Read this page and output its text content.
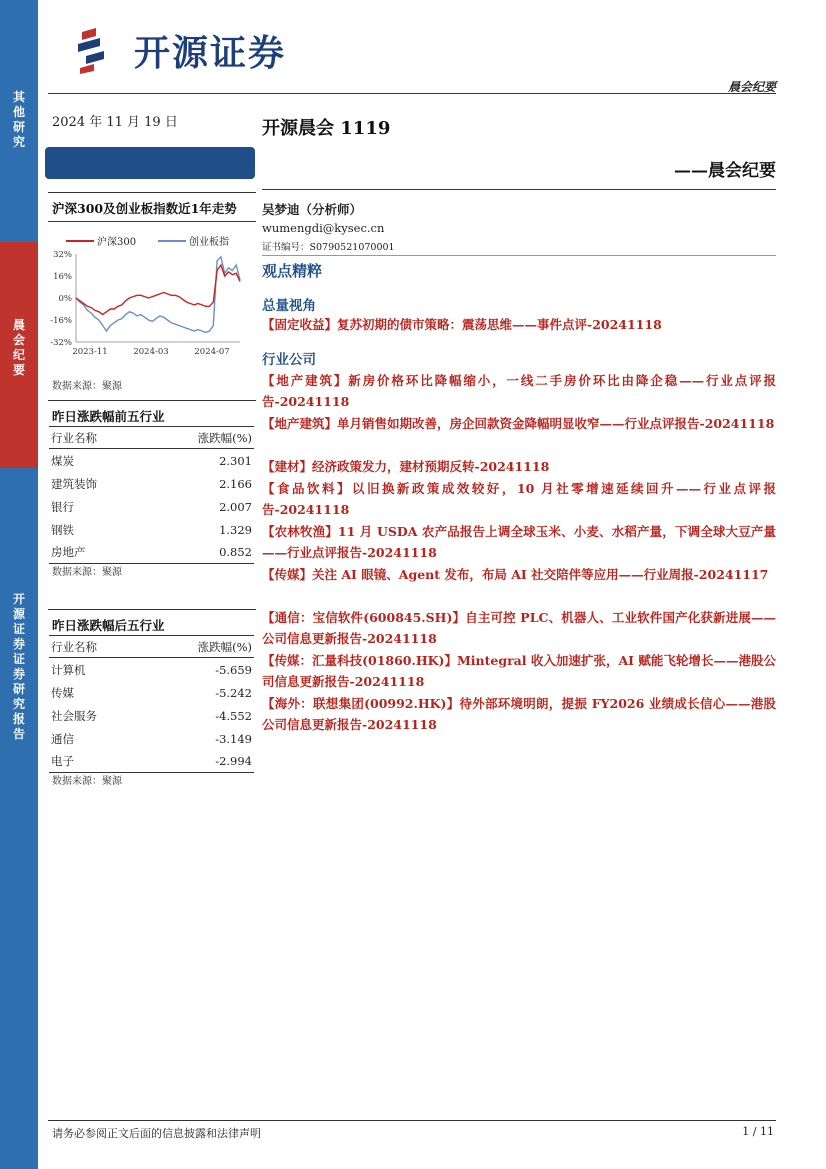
其他研究
晨会纪要
开源证券 证券研究报告
开源证券
晨会纪要
2024 年 11 月 19 日
沪深300及创业板指数近1年走势
沪深300	创业板指
32%
16%
0%
-16%
-32%
2023-11	2024-03	2024-07
数据来源：聚源
昨日涨跌幅前五行业
行业名称	涨跌幅(%)
煤炭	2.301
建筑装饰	2.166
银行	2.007
钢铁	1.329
房地产	0.852
数据来源：聚源
昨日涨跌幅后五行业
行业名称	涨跌幅(%)
计算机	-5.659
传媒	-5.242
社会服务	-4.552
通信	-3.149
电子	-2.994
数据来源：聚源
开源晨会 1119
——晨会纪要
吴梦迪（分析师）
wumengdi@kysec.cn
证书编号：S0790521070001
观点精粹
总量视角
【固定收益】复苏初期的债市策略：震荡思维——事件点评-20241118
行业公司
【地产建筑】新房价格环比降幅缩小，一线二手房价环比由降企稳——行业点评报告-20241118
【地产建筑】单月销售如期改善，房企回款资金降幅明显收窄——行业点评报告-20241118
【建材】经济政策发力，建材预期反转-20241118
【食品饮料】以旧换新政策成效较好，10 月社零增速延续回升——行业点评报告-20241118
【农林牧渔】11 月 USDA 农产品报告上调全球玉米、小麦、水稻产量，下调全球大豆产量——行业点评报告-20241118
【传媒】关注 AI 眼镜、Agent 发布，布局 AI 社交陪伴等应用——行业周报-20241117
【通信：宝信软件(600845.SH)】自主可控 PLC、机器人、工业软件国产化获新进展——公司信息更新报告-20241118
【传媒：汇量科技(01860.HK)】Mintegral 收入加速扩张，AI 赋能飞轮增长——港股公司信息更新报告-20241118
【海外：联想集团(00992.HK)】待外部环境明朗，提振 FY2026 业绩成长信心——港股公司信息更新报告-20241118
请务必参阅正文后面的信息披露和法律声明	1 / 11
